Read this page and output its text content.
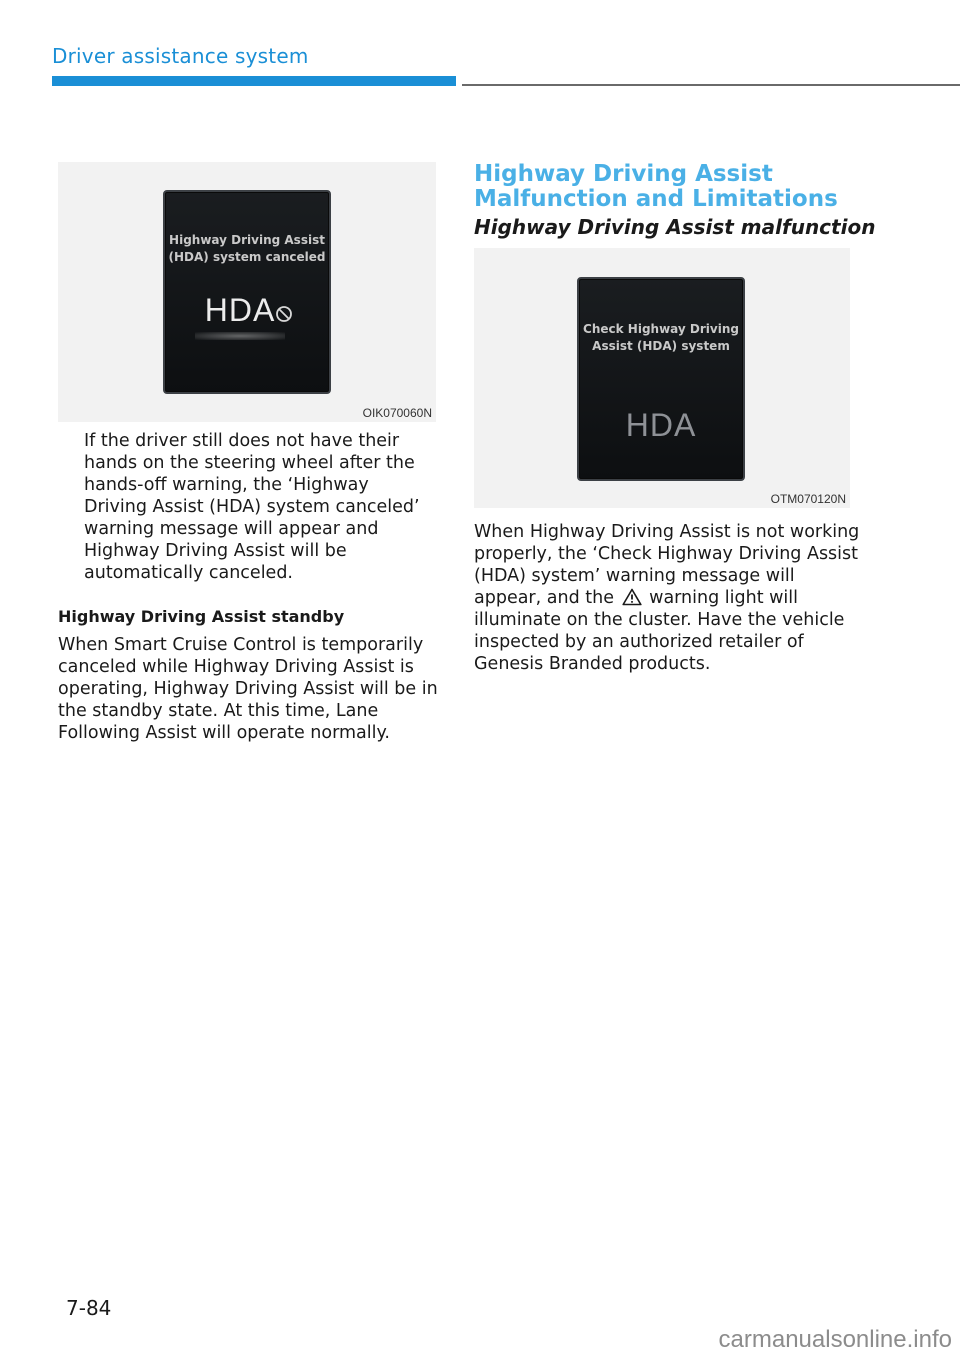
Driver assistance system
Highway Driving Assist
(HDA) system canceled
HDA
OIK070060N
If the driver still does not have their hands on the steering wheel after the hands-off warning, the ‘Highway Driving Assist (HDA) system canceled’ warning message will appear and Highway Driving Assist will be automatically canceled.
Highway Driving Assist standby
When Smart Cruise Control is temporarily canceled while Highway Driving Assist is operating, Highway Driving Assist will be in the standby state. At this time, Lane Following Assist will operate normally.
Highway Driving Assist Malfunction and Limitations
Highway Driving Assist malfunction
Check Highway Driving
Assist (HDA) system
HDA
OTM070120N
When Highway Driving Assist is not working properly, the ‘Check Highway Driving Assist (HDA) system’ warning message will appear, and the warning light will illuminate on the cluster. Have the vehicle inspected by an authorized retailer of Genesis Branded products.
7-84
carmanualsonline.info
